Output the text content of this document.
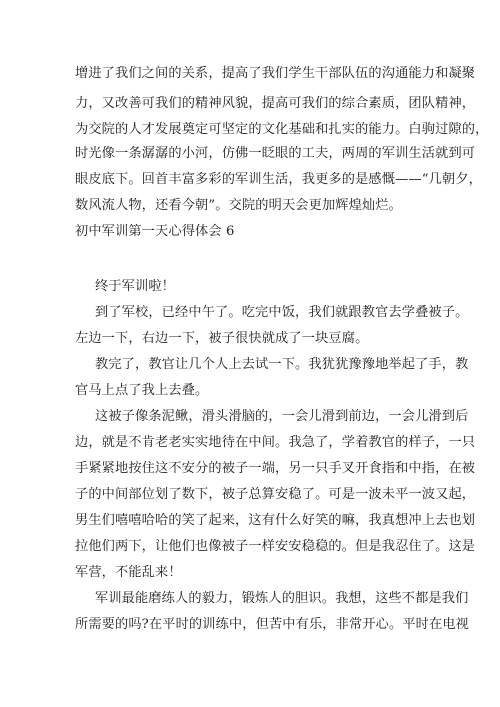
增进了我们之间的关系，提高了我们学生干部队伍的沟通能力和凝聚
力，又改善可我们的精神风貌，提高可我们的综合素质，团队精神，
为交院的人才发展奠定可坚定的文化基础和扎实的能力。白驹过隙的，
时光像一条潺潺的小河，仿佛一眨眼的工夫，两周的军训生活就到可
眼皮底下。回首丰富多彩的军训生活，我更多的是感慨——“几朝夕，
数风流人物，还看今朝”。交院的明天会更加辉煌灿烂。
初中军训第一天心得体会 6
终于军训啦！
到了军校，已经中午了。吃完中饭，我们就跟教官去学叠被子。
左边一下，右边一下，被子很快就成了一块豆腐。
教完了，教官让几个人上去试一下。我犹犹豫豫地举起了手，教
官马上点了我上去叠。
这被子像条泥鳅，滑头滑脑的，一会儿滑到前边，一会儿滑到后
边，就是不肯老老实实地待在中间。我急了，学着教官的样子，一只
手紧紧地按住这不安分的被子一端，另一只手叉开食指和中指，在被
子的中间部位划了数下，被子总算安稳了。可是一波未平一波又起，
男生们嘻嘻哈哈的笑了起来，这有什么好笑的嘛，我真想冲上去也划
拉他们两下，让他们也像被子一样安安稳稳的。但是我忍住了。这是
军营，不能乱来！
军训最能磨练人的毅力，锻炼人的胆识。我想，这些不都是我们
所需要的吗?在平时的训练中，但苦中有乐，非常开心。平时在电视
